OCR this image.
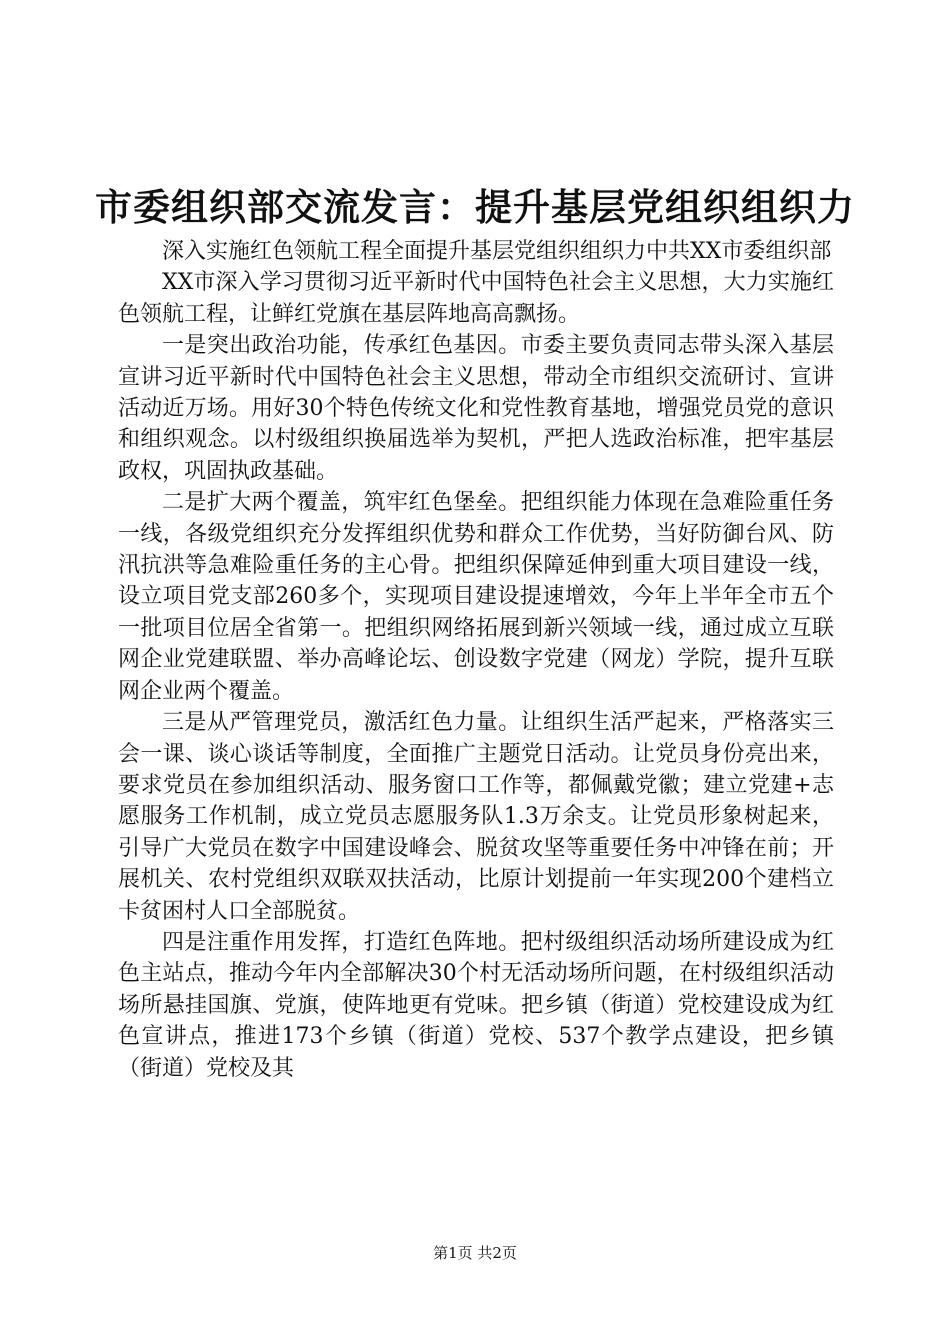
市委组织部交流发言：提升基层党组织组织力

深入实施红色领航工程全面提升基层党组织组织力中共XX市委组织部

XX市深入学习贯彻习近平新时代中国特色社会主义思想，大力实施红色领航工程，让鲜红党旗在基层阵地高高飘扬。

一是突出政治功能，传承红色基因。市委主要负责同志带头深入基层宣讲习近平新时代中国特色社会主义思想，带动全市组织交流研讨、宣讲活动近万场。用好30个特色传统文化和党性教育基地，增强党员党的意识和组织观念。以村级组织换届选举为契机，严把人选政治标准，把牢基层政权，巩固执政基础。

二是扩大两个覆盖，筑牢红色堡垒。把组织能力体现在急难险重任务一线，各级党组织充分发挥组织优势和群众工作优势，当好防御台风、防汛抗洪等急难险重任务的主心骨。把组织保障延伸到重大项目建设一线，设立项目党支部260多个，实现项目建设提速增效，今年上半年全市五个一批项目位居全省第一。把组织网络拓展到新兴领域一线，通过成立互联网企业党建联盟、举办高峰论坛、创设数字党建（网龙）学院，提升互联网企业两个覆盖。

三是从严管理党员，激活红色力量。让组织生活严起来，严格落实三会一课、谈心谈话等制度，全面推广主题党日活动。让党员身份亮出来，要求党员在参加组织活动、服务窗口工作等，都佩戴党徽；建立党建+志愿服务工作机制，成立党员志愿服务队1.3万余支。让党员形象树起来，引导广大党员在数字中国建设峰会、脱贫攻坚等重要任务中冲锋在前；开展机关、农村党组织双联双扶活动，比原计划提前一年实现200个建档立卡贫困村人口全部脱贫。

四是注重作用发挥，打造红色阵地。把村级组织活动场所建设成为红色主站点，推动今年内全部解决30个村无活动场所问题，在村级组织活动场所悬挂国旗、党旗，使阵地更有党味。把乡镇（街道）党校建设成为红色宣讲点，推进173个乡镇（街道）党校、537个教学点建设，把乡镇（街道）党校及其

第1页 共2页
